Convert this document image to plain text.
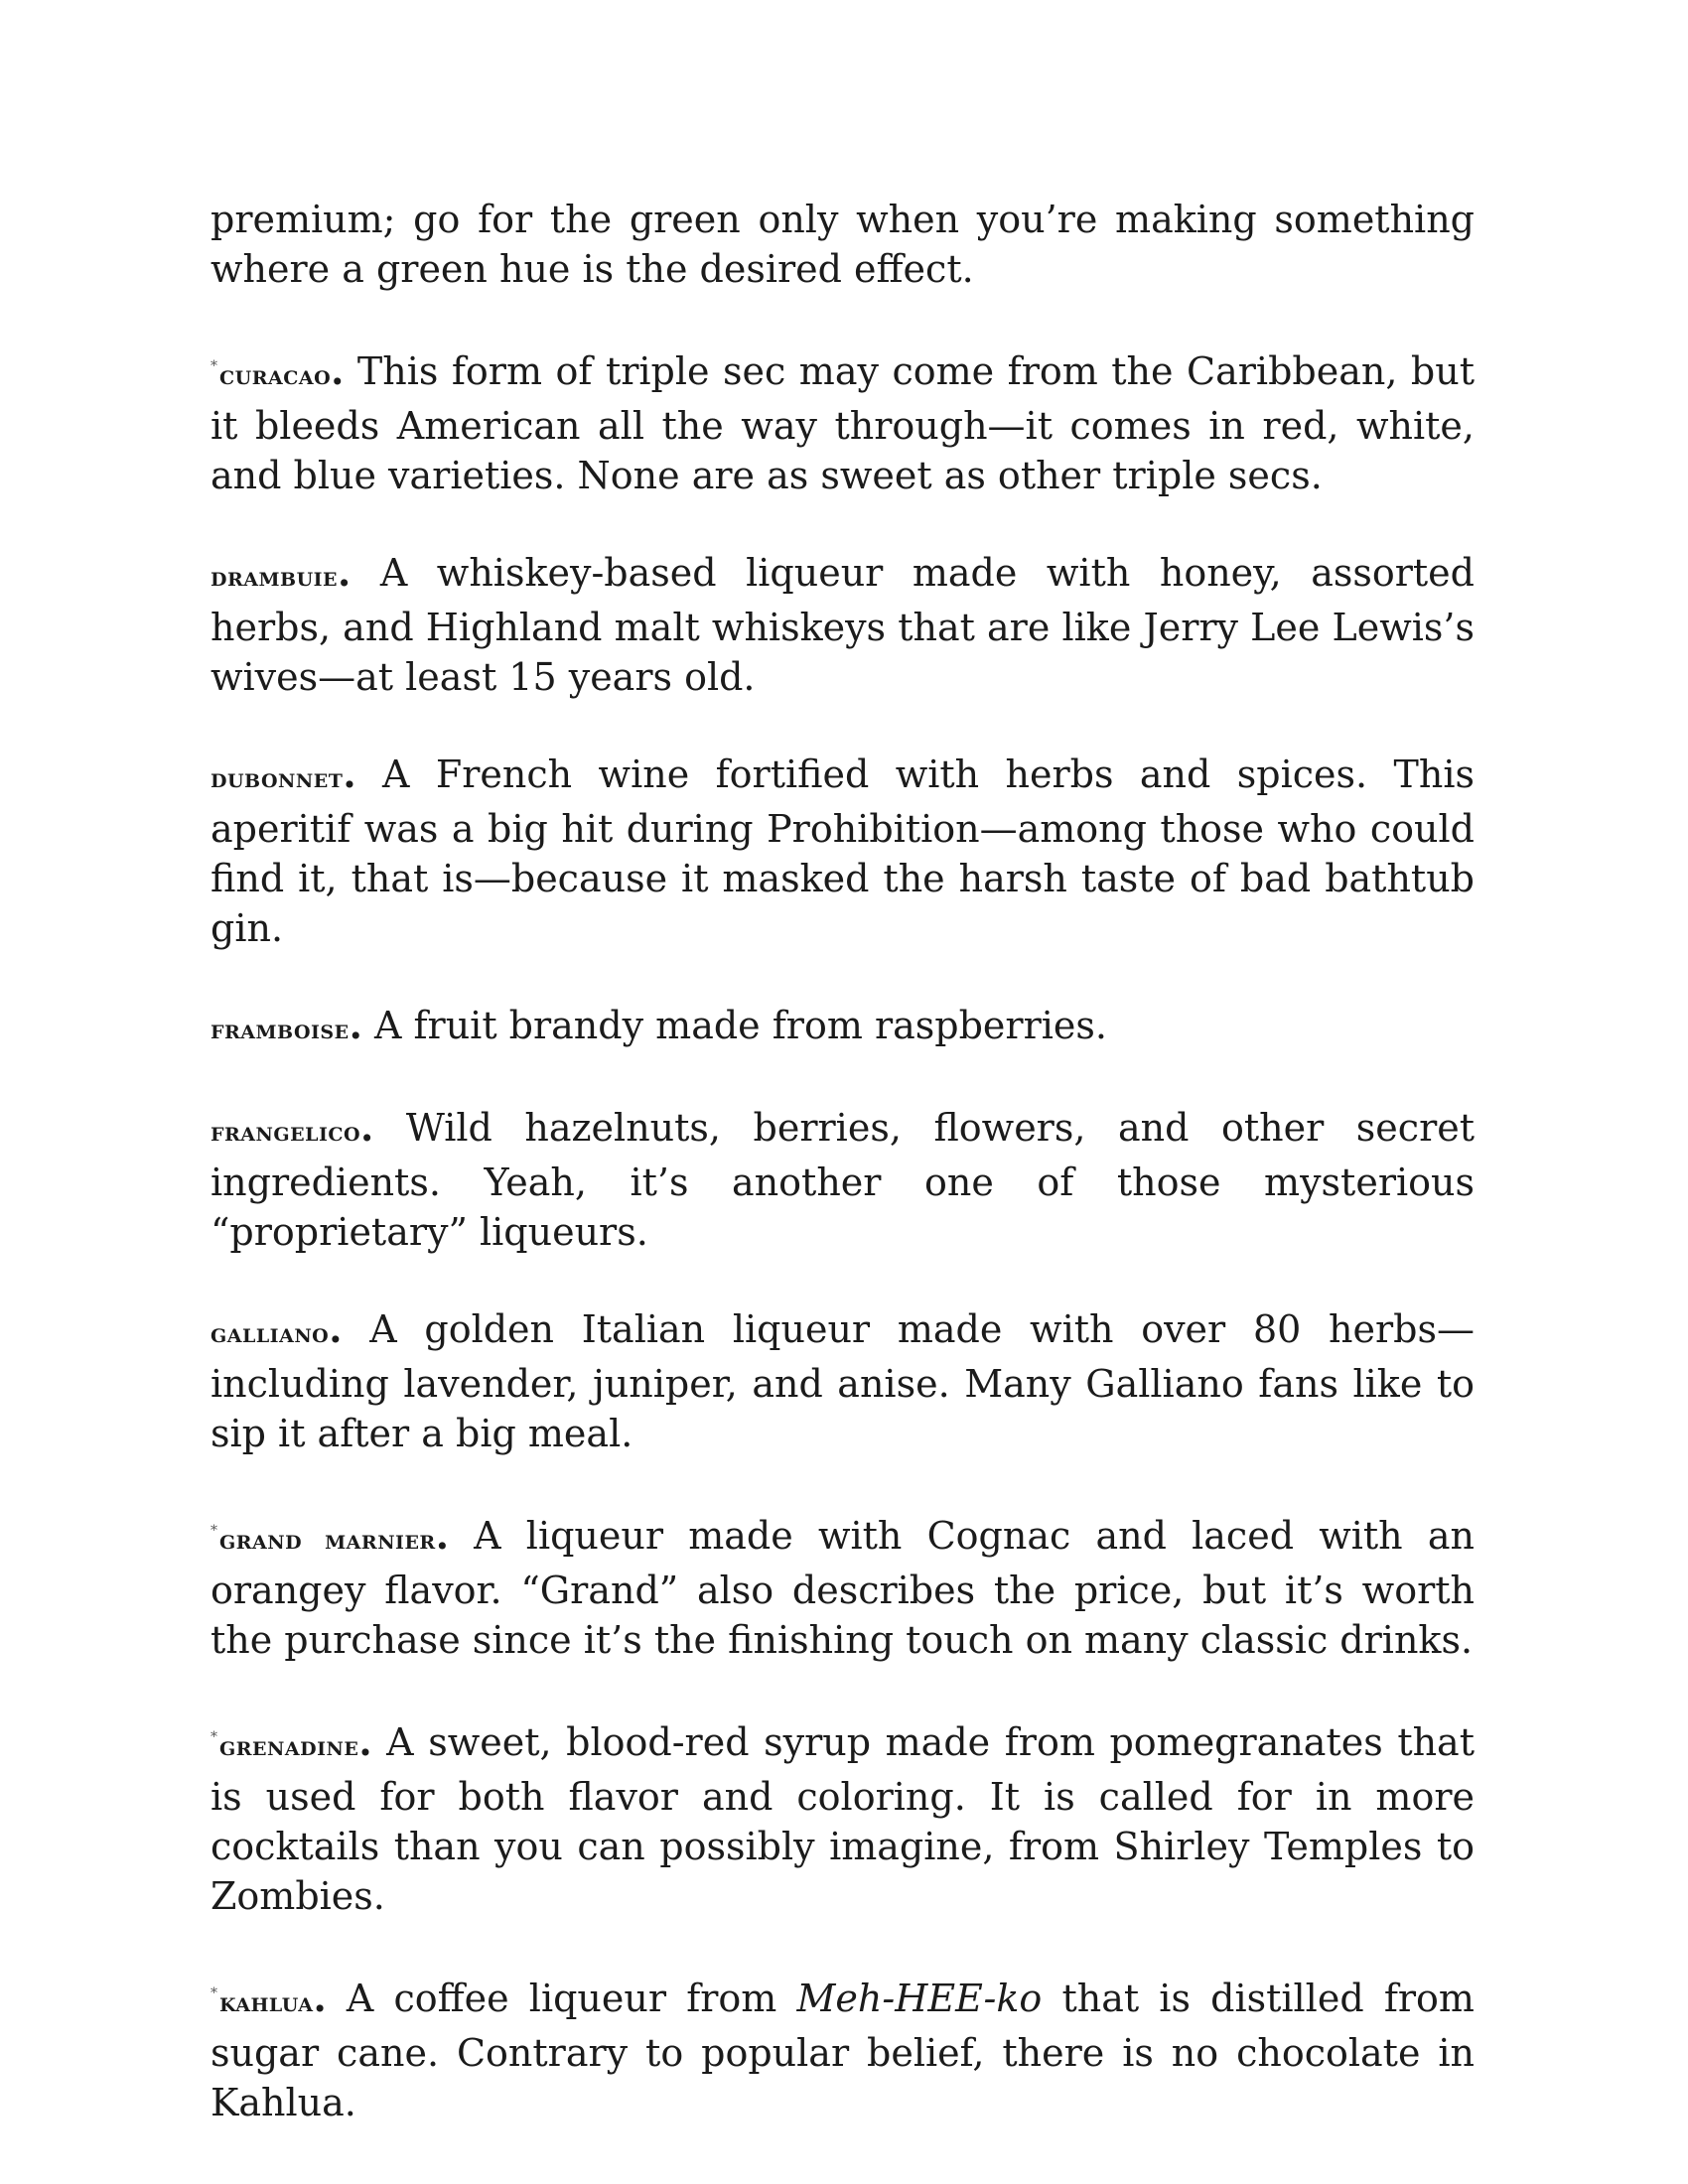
premium; go for the green only when you’re making something where a green hue is the desired effect.

*curacao. This form of triple sec may come from the Caribbean, but it bleeds American all the way through—it comes in red, white, and blue varieties. None are as sweet as other triple secs.

drambuie. A whiskey-based liqueur made with honey, assorted herbs, and Highland malt whiskeys that are like Jerry Lee Lewis’s wives—at least 15 years old.

dubonnet. A French wine fortified with herbs and spices. This aperitif was a big hit during Prohibition—among those who could find it, that is—because it masked the harsh taste of bad bathtub gin.

framboise. A fruit brandy made from raspberries.

frangelico. Wild hazelnuts, berries, flowers, and other secret ingredients. Yeah, it’s another one of those mysterious “proprietary” liqueurs.

galliano. A golden Italian liqueur made with over 80 herbs—including lavender, juniper, and anise. Many Galliano fans like to sip it after a big meal.

*grand marnier. A liqueur made with Cognac and laced with an orangey flavor. “Grand” also describes the price, but it’s worth the purchase since it’s the finishing touch on many classic drinks.

*grenadine. A sweet, blood-red syrup made from pomegranates that is used for both flavor and coloring. It is called for in more cocktails than you can possibly imagine, from Shirley Temples to Zombies.

*kahlua. A coffee liqueur from Meh-HEE-ko that is distilled from sugar cane. Contrary to popular belief, there is no chocolate in Kahlua.
